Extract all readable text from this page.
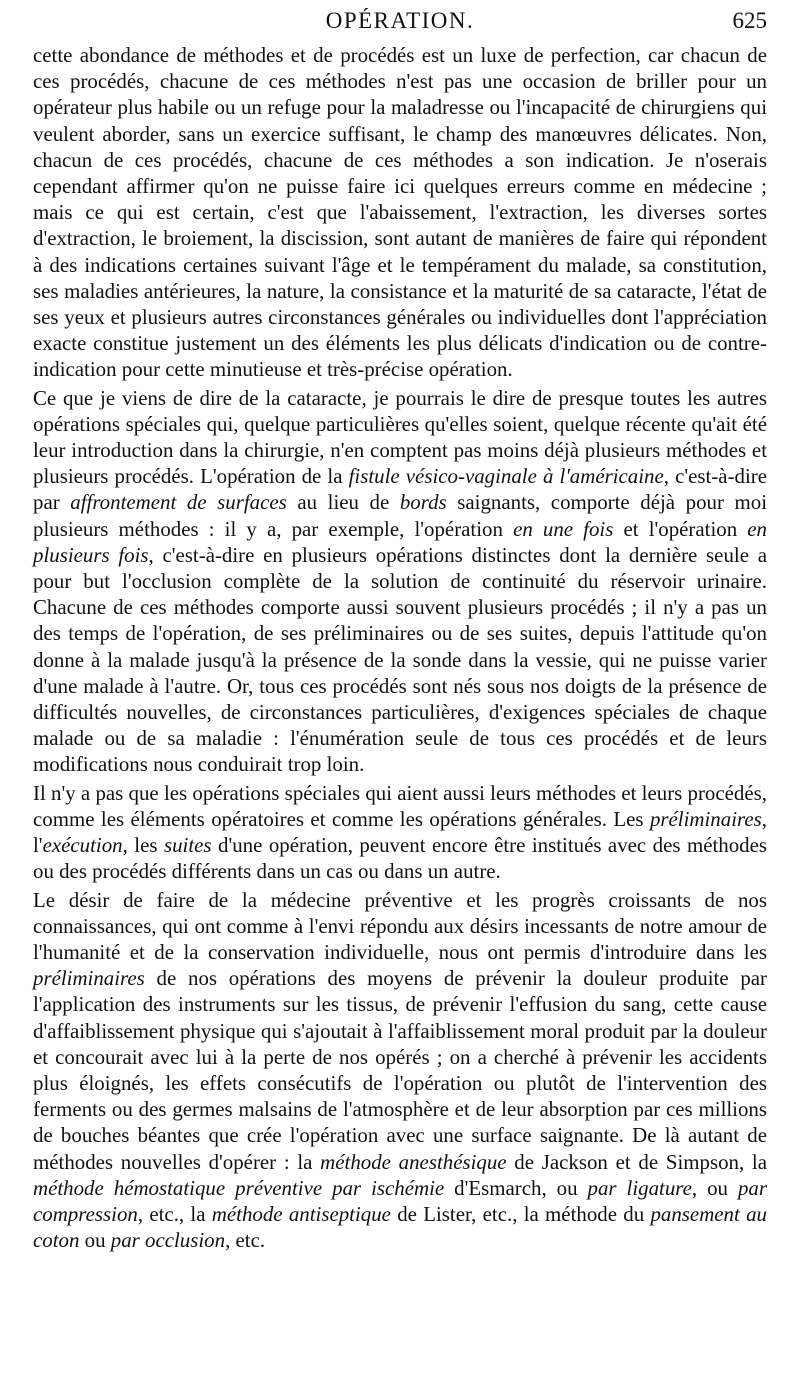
OPÉRATION.	625

cette abondance de méthodes et de procédés est un luxe de perfection, car chacun de ces procédés, chacune de ces méthodes n'est pas une occasion de briller pour un opérateur plus habile ou un refuge pour la maladresse ou l'incapacité de chirurgiens qui veulent aborder, sans un exercice suffisant, le champ des manœuvres délicates. Non, chacun de ces procédés, chacune de ces méthodes a son indication. Je n'oserais cependant affirmer qu'on ne puisse faire ici quelques erreurs comme en médecine ; mais ce qui est certain, c'est que l'abaissement, l'extraction, les diverses sortes d'extraction, le broiement, la discission, sont autant de manières de faire qui répondent à des indications certaines suivant l'âge et le tempérament du malade, sa constitution, ses maladies antérieures, la nature, la consistance et la maturité de sa cataracte, l'état de ses yeux et plusieurs autres circonstances générales ou individuelles dont l'appréciation exacte constitue justement un des éléments les plus délicats d'indication ou de contre-indication pour cette minutieuse et très-précise opération.

Ce que je viens de dire de la cataracte, je pourrais le dire de presque toutes les autres opérations spéciales qui, quelque particulières qu'elles soient, quelque récente qu'ait été leur introduction dans la chirurgie, n'en comptent pas moins déjà plusieurs méthodes et plusieurs procédés. L'opération de la fistule vésico-vaginale à l'américaine, c'est-à-dire par affrontement de surfaces au lieu de bords saignants, comporte déjà pour moi plusieurs méthodes : il y a, par exemple, l'opération en une fois et l'opération en plusieurs fois, c'est-à-dire en plusieurs opérations distinctes dont la dernière seule a pour but l'occlusion complète de la solution de continuité du réservoir urinaire. Chacune de ces méthodes comporte aussi souvent plusieurs procédés ; il n'y a pas un des temps de l'opération, de ses préliminaires ou de ses suites, depuis l'attitude qu'on donne à la malade jusqu'à la présence de la sonde dans la vessie, qui ne puisse varier d'une malade à l'autre. Or, tous ces procédés sont nés sous nos doigts de la présence de difficultés nouvelles, de circonstances particulières, d'exigences spéciales de chaque malade ou de sa maladie : l'énumération seule de tous ces procédés et de leurs modifications nous conduirait trop loin.

Il n'y a pas que les opérations spéciales qui aient aussi leurs méthodes et leurs procédés, comme les éléments opératoires et comme les opérations générales. Les préliminaires, l'exécution, les suites d'une opération, peuvent encore être institués avec des méthodes ou des procédés différents dans un cas ou dans un autre.

Le désir de faire de la médecine préventive et les progrès croissants de nos connaissances, qui ont comme à l'envi répondu aux désirs incessants de notre amour de l'humanité et de la conservation individuelle, nous ont permis d'introduire dans les préliminaires de nos opérations des moyens de prévenir la douleur produite par l'application des instruments sur les tissus, de prévenir l'effusion du sang, cette cause d'affaiblissement physique qui s'ajoutait à l'affaiblissement moral produit par la douleur et concourait avec lui à la perte de nos opérés ; on a cherché à prévenir les accidents plus éloignés, les effets consécutifs de l'opération ou plutôt de l'intervention des ferments ou des germes malsains de l'atmosphère et de leur absorption par ces millions de bouches béantes que crée l'opération avec une surface saignante. De là autant de méthodes nouvelles d'opérer : la méthode anesthésique de Jackson et de Simpson, la méthode hémostatique préventive par ischémie d'Esmarch, ou par ligature, ou par compression, etc., la méthode antiseptique de Lister, etc., la méthode du pansement au coton ou par occlusion, etc.
